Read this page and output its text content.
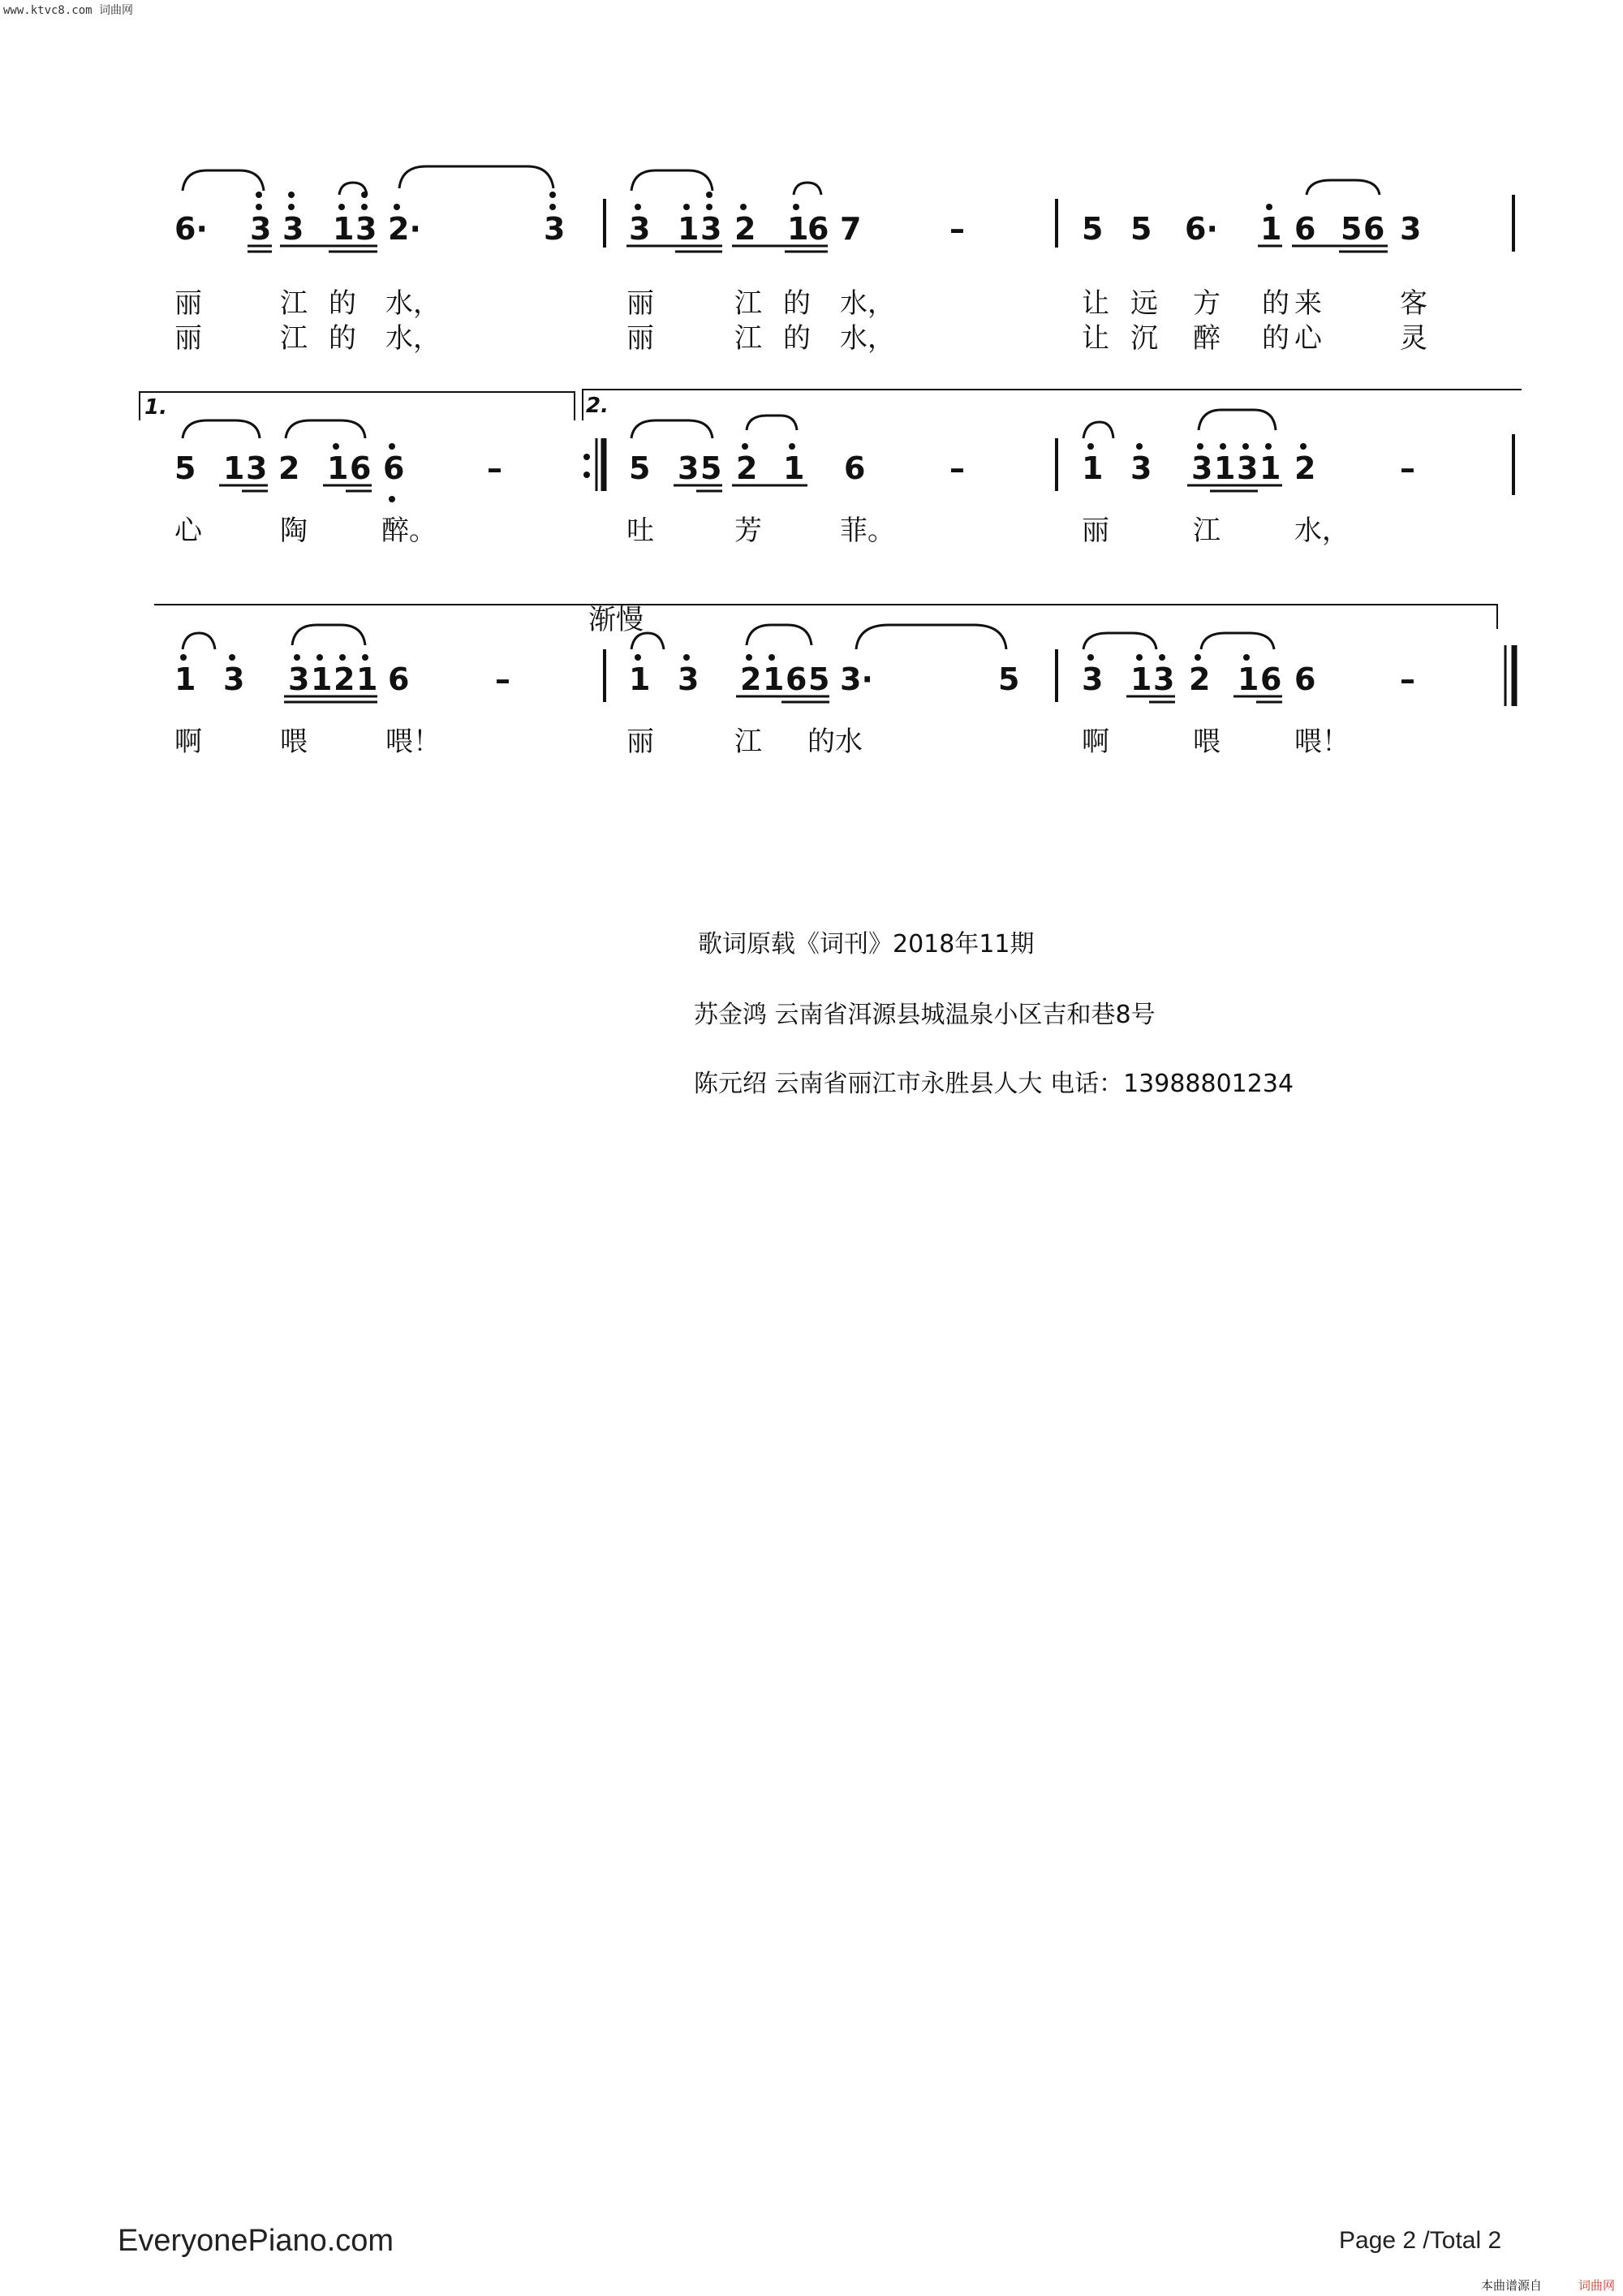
www.ktvc8.com 词曲网
6· 3 3 1 3 2·	3 3 1 3 2 1
6 7	–	5 5 6· 1 6 5 6 3
丽	江 的 水，	丽	江 的 水，	让 远 方 的 来	客
丽	江 的 水，	丽	江 的 水，	让 沉 醉 的 心	灵
1.	2.
5 1 3 2 1 6 6	–	5 3 5 2 1 6	–	1 3 3 1 3 1 2	–
心	陶	醉。	吐	芳	菲。	丽	江	水，
渐慢
1 3 3 1 2 1 6	–	1 3 2 1 6 5 3·	5 3 1 3 2 1 6 6	–
啊	喂	喂！	丽	江 的水	啊	喂	喂！
歌词原载《词刊》2018年11期
苏金鸿 云南省洱源县城温泉小区吉和巷8号
陈元绍 云南省丽江市永胜县人大 电话：13988801234
EveryonePiano.com	Page 2 /Total 2
本曲谱源自	词曲网
